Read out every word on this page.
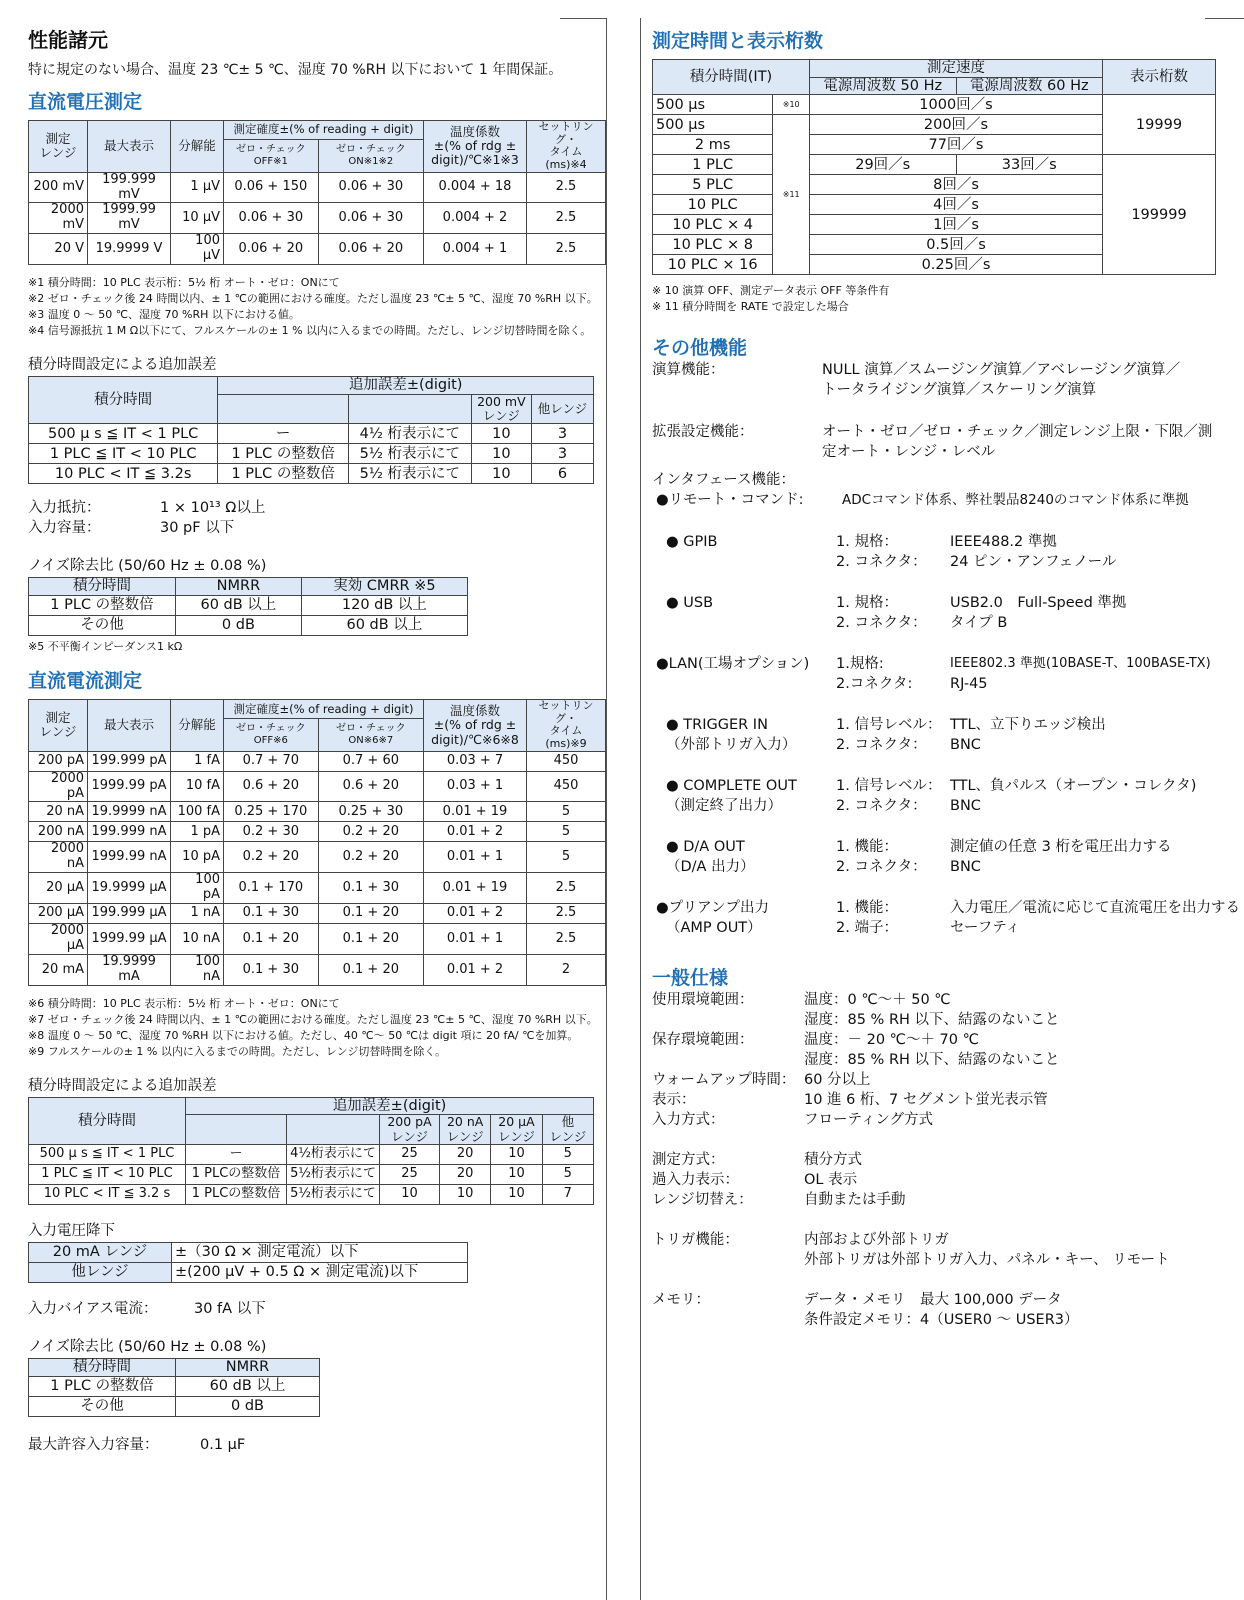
性能諸元
特に規定のない場合、温度 23 ℃± 5 ℃、湿度 70 %RH 以下において 1 年間保証。
直流電圧測定
測定
レンジ	最大表示	分解能	測定確度±(% of reading + digit)		温度係数
±(% of rdg ±
digit)/℃※1※3	セットリング・
タイム(ms)※4
			ゼロ・チェックOFF※1	ゼロ・チェックON※1※2		
200 mV	199.999 mV	1 μV	0.06 + 150	0.06 + 30	0.004 + 18	2.5
2000 mV	1999.99 mV	10 μV	0.06 + 30	0.06 + 30	0.004 + 2	2.5
20 V	19.9999 V	100 μV	0.06 + 20	0.06 + 20	0.004 + 1	2.5
※1 積分時間：10 PLC 表示桁：5½ 桁 オート・ゼロ：ONにて
※2 ゼロ・チェック後 24 時間以内、± 1 ℃の範囲における確度。ただし温度 23 ℃± 5 ℃、湿度 70 %RH 以下。
※3 温度 0 ～ 50 ℃、湿度 70 %RH 以下における値。
※4 信号源抵抗 1 M Ω以下にて、フルスケールの± 1 % 以内に入るまでの時間。ただし、レンジ切替時間を除く。
積分時間設定による追加誤差
積分時間	追加誤差±(digit)			
			200 mV
レンジ	他レンジ
500 μ s ≦ IT < 1 PLC	ー	4½ 桁表示にて	10	3
1 PLC ≦ IT < 10 PLC	1 PLC の整数倍	5½ 桁表示にて	10	3
10 PLC < IT ≦ 3.2s	1 PLC の整数倍	5½ 桁表示にて	10	6
入力抵抗：	1 × 10¹³ Ω以上
入力容量：	30 pF 以下
ノイズ除去比 (50/60 Hz ± 0.08 %)
積分時間	NMRR	実効 CMRR ※5
1 PLC の整数倍	60 dB 以上	120 dB 以上
その他	0 dB	60 dB 以上
※5 不平衡インピーダンス1 kΩ
直流電流測定
測定
レンジ	最大表示	分解能	測定確度±(% of reading + digit)		温度係数
±(% of rdg ±
digit)/℃※6※8	セットリング・
タイム(ms)※9
			ゼロ・チェックOFF※6	ゼロ・チェックON※6※7		
200 pA	199.999 pA	1 fA	0.7 + 70	0.7 + 60	0.03 + 7	450
2000 pA	1999.99 pA	10 fA	0.6 + 20	0.6 + 20	0.03 + 1	450
20 nA	19.9999 nA	100 fA	0.25 + 170	0.25 + 30	0.01 + 19	5
200 nA	199.999 nA	1 pA	0.2 + 30	0.2 + 20	0.01 + 2	5
2000 nA	1999.99 nA	10 pA	0.2 + 20	0.2 + 20	0.01 + 1	5
20 μA	19.9999 μA	100 pA	0.1 + 170	0.1 + 30	0.01 + 19	2.5
200 μA	199.999 μA	1 nA	0.1 + 30	0.1 + 20	0.01 + 2	2.5
2000 μA	1999.99 μA	10 nA	0.1 + 20	0.1 + 20	0.01 + 1	2.5
20 mA	19.9999 mA	100 nA	0.1 + 30	0.1 + 20	0.01 + 2	2
※6 積分時間：10 PLC 表示桁：5½ 桁 オート・ゼロ：ONにて
※7 ゼロ・チェック後 24 時間以内、± 1 ℃の範囲における確度。ただし温度 23 ℃± 5 ℃、湿度 70 %RH 以下。
※8 温度 0 ～ 50 ℃、湿度 70 %RH 以下における値。ただし、40 ℃～ 50 ℃は digit 項に 20 fA/ ℃を加算。
※9 フルスケールの± 1 % 以内に入るまでの時間。ただし、レンジ切替時間を除く。
積分時間設定による追加誤差
積分時間	追加誤差±(digit)					
			200 pA
レンジ	20 nA
レンジ	20 μA
レンジ	他
レンジ
500 μ s ≦ IT < 1 PLC	ー	4½桁表示にて	25	20	10	5
1 PLC ≦ IT < 10 PLC	1 PLCの整数倍	5½桁表示にて	25	20	10	5
10 PLC < IT ≦ 3.2 s	1 PLCの整数倍	5½桁表示にて	10	10	10	7
入力電圧降下
20 mA レンジ	±（30 Ω × 測定電流）以下
他レンジ	±(200 μV + 0.5 Ω × 測定電流)以下
入力バイアス電流：	30 fA 以下
ノイズ除去比 (50/60 Hz ± 0.08 %)
積分時間	NMRR
1 PLC の整数倍	60 dB 以上
その他	0 dB
最大許容入力容量：	0.1 μF
測定時間と表示桁数
積分時間(IT)		測定速度		表示桁数
		電源周波数 50 Hz	電源周波数 60 Hz	
500 μs	※10	1000回／s		19999
500 μs	※11	200回／s		
2 ms		77回／s		
1 PLC		29回／s	33回／s	199999
5 PLC		8回／s		
10 PLC		4回／s		
10 PLC × 4		1回／s		
10 PLC × 8		0.5回／s		
10 PLC × 16		0.25回／s		
※ 10 演算 OFF、測定データ表示 OFF 等条件有
※ 11 積分時間を RATE で設定した場合
その他機能
演算機能：	NULL 演算／スムージング演算／アベレージング演算／
トータライジング演算／スケーリング演算
拡張設定機能：	オート・ゼロ／ゼロ・チェック／測定レンジ上限・下限／測
定オート・レンジ・レベル
インタフェース機能：
●リモート・コマンド:	ADCコマンド体系、弊社製品8240のコマンド体系に準拠
● GPIB	1. 規格：	IEEE488.2 準拠
2. コネクタ： 24 ピン・アンフェノール
● USB	1. 規格：	USB2.0　Full-Speed 準拠
2. コネクタ： タイプ B
●LAN(工場オプション) 1.規格:	IEEE802.3 準拠(10BASE-T、100BASE-TX)
2.コネクタ:	RJ-45
● TRIGGER IN
（外部トリガ入力）
1. 信号レベル： TTL、立下りエッジ検出
2. コネクタ： BNC
● COMPLETE OUT
（測定終了出力）
1. 信号レベル： TTL、負パルス（オープン・コレクタ)
2. コネクタ： BNC
● D/A OUT
（D/A 出力）
1. 機能：	測定値の任意 3 桁を電圧出力する
2. コネクタ： BNC
●プリアンプ出力
（AMP OUT）
1. 機能：	入力電圧／電流に応じて直流電圧を出力する
2. 端子：	セーフティ
一般仕様
使用環境範囲：	温度：0 ℃～＋ 50 ℃
湿度：85 % RH 以下、結露のないこと
保存環境範囲：	温度：－ 20 ℃～＋ 70 ℃
湿度：85 % RH 以下、結露のないこと
ウォームアップ時間： 60 分以上
表示：	10 進 6 桁、7 セグメント蛍光表示管
入力方式：	フローティング方式
測定方式：	積分方式
過入力表示：	OL 表示
レンジ切替え：	自動または手動
トリガ機能：	内部および外部トリガ
外部トリガは外部トリガ入力、パネル・キー、 リモート
メモリ：	データ・メモリ　最大 100,000 データ
条件設定メモリ：4（USER0 ～ USER3）
